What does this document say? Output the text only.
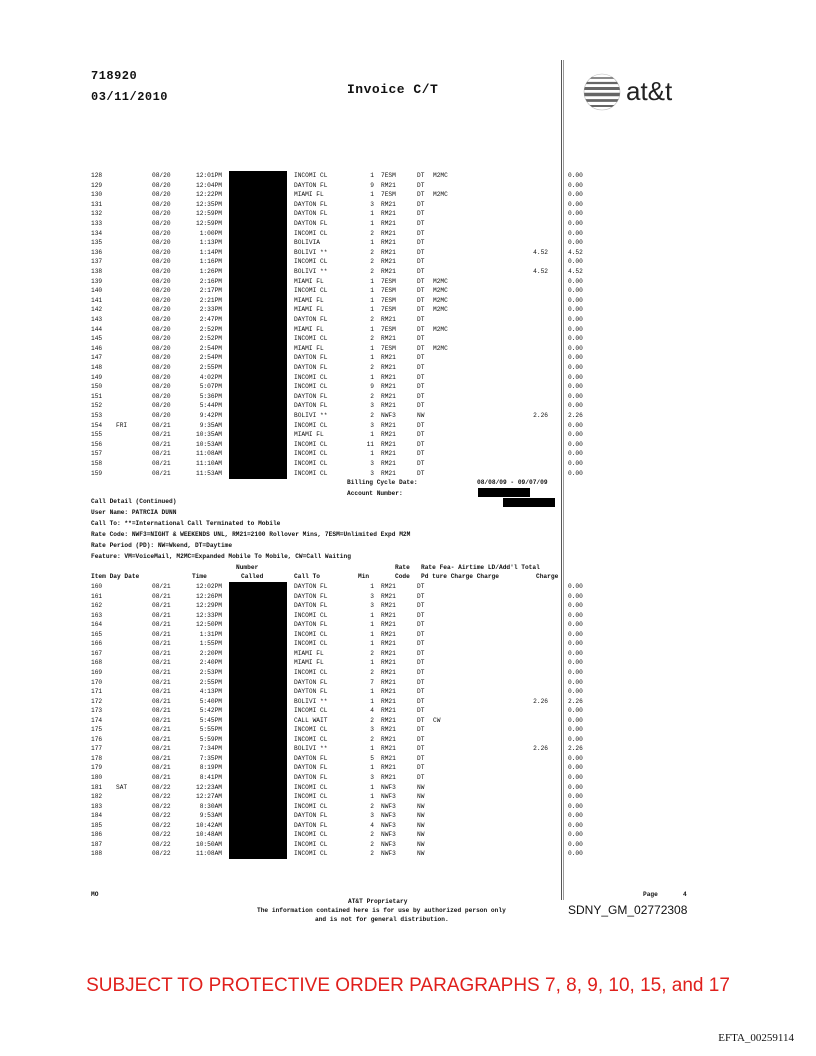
718920
03/11/2010	Invoice C/T	at&t
128	08/20	12:01PM	INCOMI CL	1 7ESM	DT M2MC	0.00
129	08/20	12:04PM	DAYTON FL	9 RM21	DT	0.00
130	08/20	12:22PM	MIAMI FL	1 7ESM	DT M2MC	0.00
131	08/20	12:35PM	DAYTON FL	3 RM21	DT	0.00
132	08/20	12:59PM	DAYTON FL	1 RM21	DT	0.00
133	08/20	12:59PM	DAYTON FL	1 RM21	DT	0.00
134	08/20	1:00PM	INCOMI CL	2 RM21	DT	0.00
135	08/20	1:13PM	BOLIVIA	1 RM21	DT	0.00
136	08/20	1:14PM	BOLIVI **	2 RM21	DT	4.52	4.52
137	08/20	1:16PM	INCOMI CL	2 RM21	DT	0.00
138	08/20	1:26PM	BOLIVI **	2 RM21	DT	4.52	4.52
139	08/20	2:16PM	MIAMI FL	1 7ESM	DT M2MC	0.00
140	08/20	2:17PM	INCOMI CL	1 7ESM	DT M2MC	0.00
141	08/20	2:21PM	MIAMI FL	1 7ESM	DT M2MC	0.00
142	08/20	2:33PM	MIAMI FL	1 7ESM	DT M2MC	0.00
143	08/20	2:47PM	DAYTON FL	2 RM21	DT	0.00
144	08/20	2:52PM	MIAMI FL	1 7ESM	DT M2MC	0.00
145	08/20	2:52PM	INCOMI CL	2 RM21	DT	0.00
146	08/20	2:54PM	MIAMI FL	1 7ESM	DT M2MC	0.00
147	08/20	2:54PM	DAYTON FL	1 RM21	DT	0.00
148	08/20	2:55PM	DAYTON FL	2 RM21	DT	0.00
149	08/20	4:02PM	INCOMI CL	1 RM21	DT	0.00
150	08/20	5:07PM	INCOMI CL	9 RM21	DT	0.00
151	08/20	5:36PM	DAYTON FL	2 RM21	DT	0.00
152	08/20	5:44PM	DAYTON FL	3 RM21	DT	0.00
153	08/20	9:42PM	BOLIVI **	2 NWF3	NW	2.26	2.26
154 FRI	08/21	9:35AM	INCOMI CL	3 RM21	DT	0.00
155	08/21	10:35AM	MIAMI FL	1 RM21	DT	0.00
156	08/21	10:53AM	INCOMI CL	11 RM21	DT	0.00
157	08/21	11:08AM	INCOMI CL	1 RM21	DT	0.00
158	08/21	11:10AM	INCOMI CL	3 RM21	DT	0.00
159	08/21	11:53AM	INCOMI CL	3 RM21	DT	0.00
Billing Cycle Date:	08/08/09 - 09/07/09
Account Number:
Call Detail (Continued)
User Name: PATRCIA DUNN
Call To: **=International Call Terminated to Mobile
Rate Code: NWF3=NIGHT & WEEKENDS UNL, RM21=2100 Rollover Mins, 7ESM=Unlimited Expd M2M
Rate Period (PD): NW=Wkend, DT=Daytime
Feature: VM=VoiceMail, M2MC=Expanded Mobile To Mobile, CW=Call Waiting
Number	Rate Rate Fea- Airtime LD/Add'l Total
Item Day Date	Time	Called	Call To	Min	Code Pd ture Charge Charge	Charge
160	08/21	12:02PM	DAYTON FL	1 RM21	DT	0.00
161	08/21	12:26PM	DAYTON FL	3 RM21	DT	0.00
162	08/21	12:29PM	DAYTON FL	3 RM21	DT	0.00
163	08/21	12:33PM	INCOMI CL	1 RM21	DT	0.00
164	08/21	12:50PM	DAYTON FL	1 RM21	DT	0.00
165	08/21	1:31PM	INCOMI CL	1 RM21	DT	0.00
166	08/21	1:55PM	INCOMI CL	1 RM21	DT	0.00
167	08/21	2:20PM	MIAMI FL	2 RM21	DT	0.00
168	08/21	2:40PM	MIAMI FL	1 RM21	DT	0.00
169	08/21	2:53PM	INCOMI CL	2 RM21	DT	0.00
170	08/21	2:55PM	DAYTON FL	7 RM21	DT	0.00
171	08/21	4:13PM	DAYTON FL	1 RM21	DT	0.00
172	08/21	5:40PM	BOLIVI **	1 RM21	DT	2.26	2.26
173	08/21	5:42PM	INCOMI CL	4 RM21	DT	0.00
174	08/21	5:45PM	CALL WAIT	2 RM21	DT CW	0.00
175	08/21	5:55PM	INCOMI CL	3 RM21	DT	0.00
176	08/21	5:59PM	INCOMI CL	2 RM21	DT	0.00
177	08/21	7:34PM	BOLIVI **	1 RM21	DT	2.26	2.26
178	08/21	7:35PM	DAYTON FL	5 RM21	DT	0.00
179	08/21	8:19PM	DAYTON FL	1 RM21	DT	0.00
180	08/21	8:41PM	DAYTON FL	3 RM21	DT	0.00
181 SAT	08/22	12:23AM	INCOMI CL	1 NWF3	NW	0.00
182	08/22	12:27AM	INCOMI CL	1 NWF3	NW	0.00
183	08/22	8:30AM	INCOMI CL	2 NWF3	NW	0.00
184	08/22	9:53AM	DAYTON FL	3 NWF3	NW	0.00
185	08/22	10:42AM	DAYTON FL	4 NWF3	NW	0.00
186	08/22	10:48AM	INCOMI CL	2 NWF3	NW	0.00
187	08/22	10:50AM	INCOMI CL	2 NWF3	NW	0.00
188	08/22	11:08AM	INCOMI CL	2 NWF3	NW	0.00
MO	Page	4
AT&T Proprietary
The information contained here is for use by authorized person only
and is not for general distribution.
SDNY_GM_02772308
SUBJECT TO PROTECTIVE ORDER PARAGRAPHS 7, 8, 9, 10, 15, and 17
EFTA_00259114
